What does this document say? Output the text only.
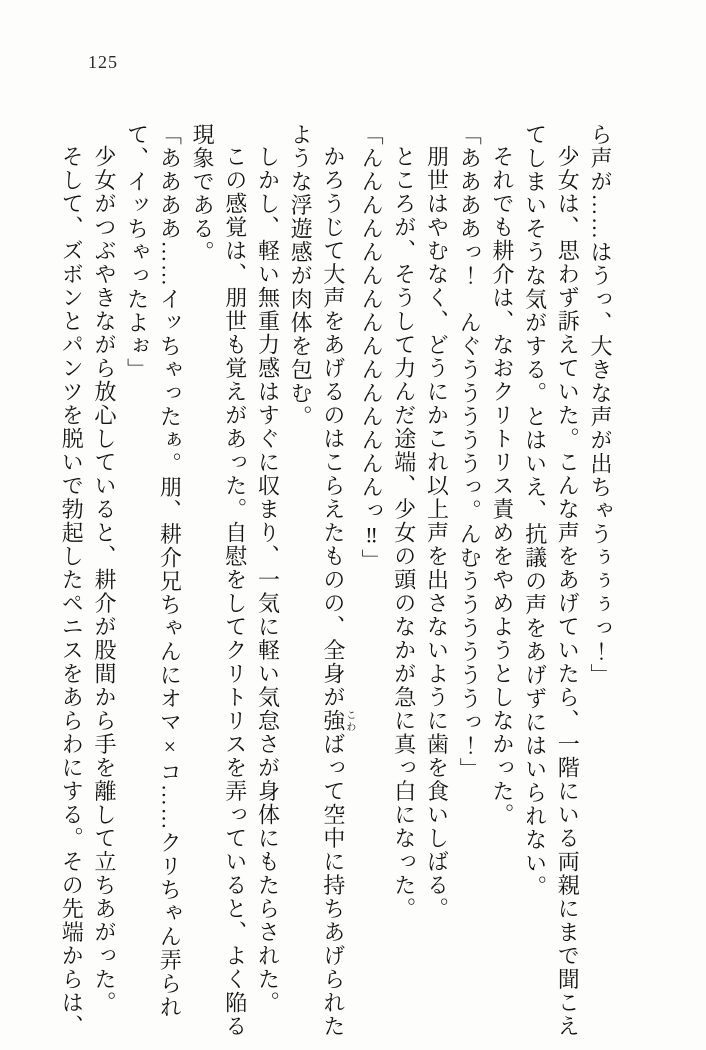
125

ら声が……はうっ、大きな声が出ちゃうぅぅぅっ！」

少女は、思わず訴えていた。こんな声をあげていたら、一階にいる両親にまで聞こえてしまいそうな気がする。とはいえ、抗議の声をあげずにはいられない。

それでも耕介は、なおクリトリス責めをやめようとしなかった。

「ああああっ！　んぐうううううっ。んむううううううっ！」

朋世はやむなく、どうにかこれ以上声を出さないように歯を食いしばる。

ところが、そうして力んだ途端、少女の頭のなかが急に真っ白になった。

「んんんんんんんんんんんんんんんっ‼」

かろうじて大声をあげるのはこらえたものの、全身が強こわばって空中に持ちあげられたような浮遊感が肉体を包む。

しかし、軽い無重力感はすぐに収まり、一気に軽い気怠さが身体にもたらされた。

この感覚は、朋世も覚えがあった。自慰をしてクリトリスを弄っていると、よく陥る現象である。

「ああああ……イッちゃったぁ。朋、耕介兄ちゃんにオマ×コ……クリちゃん弄られて、イッちゃったよぉ」

少女がつぶやきながら放心していると、耕介が股間から手を離して立ちあがった。

そして、ズボンとパンツを脱いで勃起したペニスをあらわにする。その先端からは、
